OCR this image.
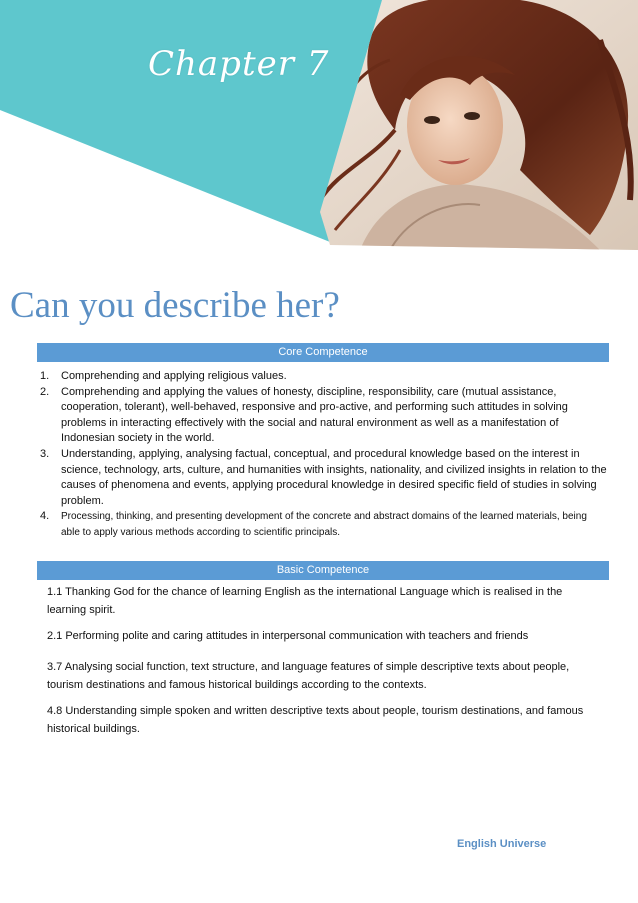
Chapter 7
Can you describe her?
Core Competence
1. Comprehending and applying religious values.
2. Comprehending and applying the values of honesty, discipline, responsibility, care (mutual assistance, cooperation, tolerant), well-behaved, responsive and pro-active, and performing such attitudes in solving problems in interacting effectively with the social and natural environment as well as a manifestation of Indonesian society in the world.
3. Understanding, applying, analysing factual, conceptual, and procedural knowledge based on the interest in science, technology, arts, culture, and humanities with insights, nationality, and civilized insights in relation to the causes of phenomena and events, applying procedural knowledge in desired specific field of studies in solving problem.
4. Processing, thinking, and presenting development of the concrete and abstract domains of the learned materials, being able to apply various methods according to scientific principals.
Basic Competence

1.1 Thanking God for the chance of learning English as the international Language which is realised in the learning spirit.

2.1 Performing polite and caring attitudes in interpersonal communication with teachers and friends

3.7 Analysing social function, text structure, and language features of simple descriptive texts about people, tourism destinations and famous historical buildings according to the contexts.

4.8 Understanding simple spoken and written descriptive texts about people, tourism destinations, and famous historical buildings.

English Universe
